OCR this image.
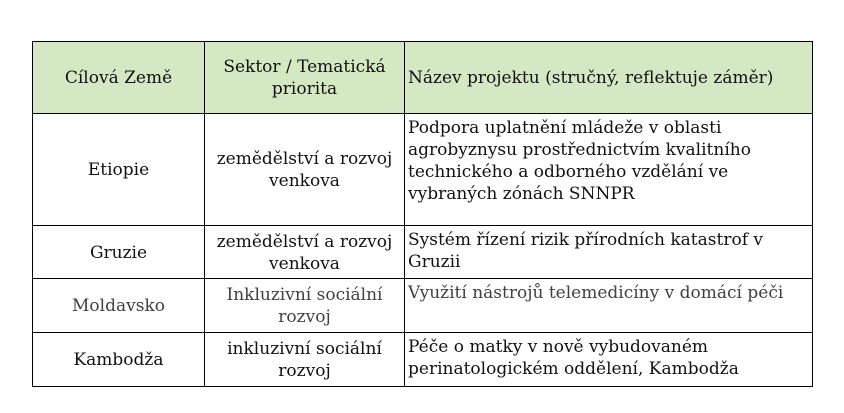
Cílová Země	Sektor / Tematická priorita	Název projektu (stručný, reflektuje záměr)
Etiopie	zemědělství a rozvoj venkova	Podpora uplatnění mládeže v oblasti agrobyznysu prostřednictvím kvalitního technického a odborného vzdělání ve vybraných zónách SNNPR
Gruzie	zemědělství a rozvoj venkova	Systém řízení rizik přírodních katastrof v Gruzii
Moldavsko	Inkluzivní sociální rozvoj	Využití nástrojů telemedicíny v domácí péči
Kambodža	inkluzivní sociální rozvoj	Péče o matky v nově vybudovaném perinatologickém oddělení, Kambodža
